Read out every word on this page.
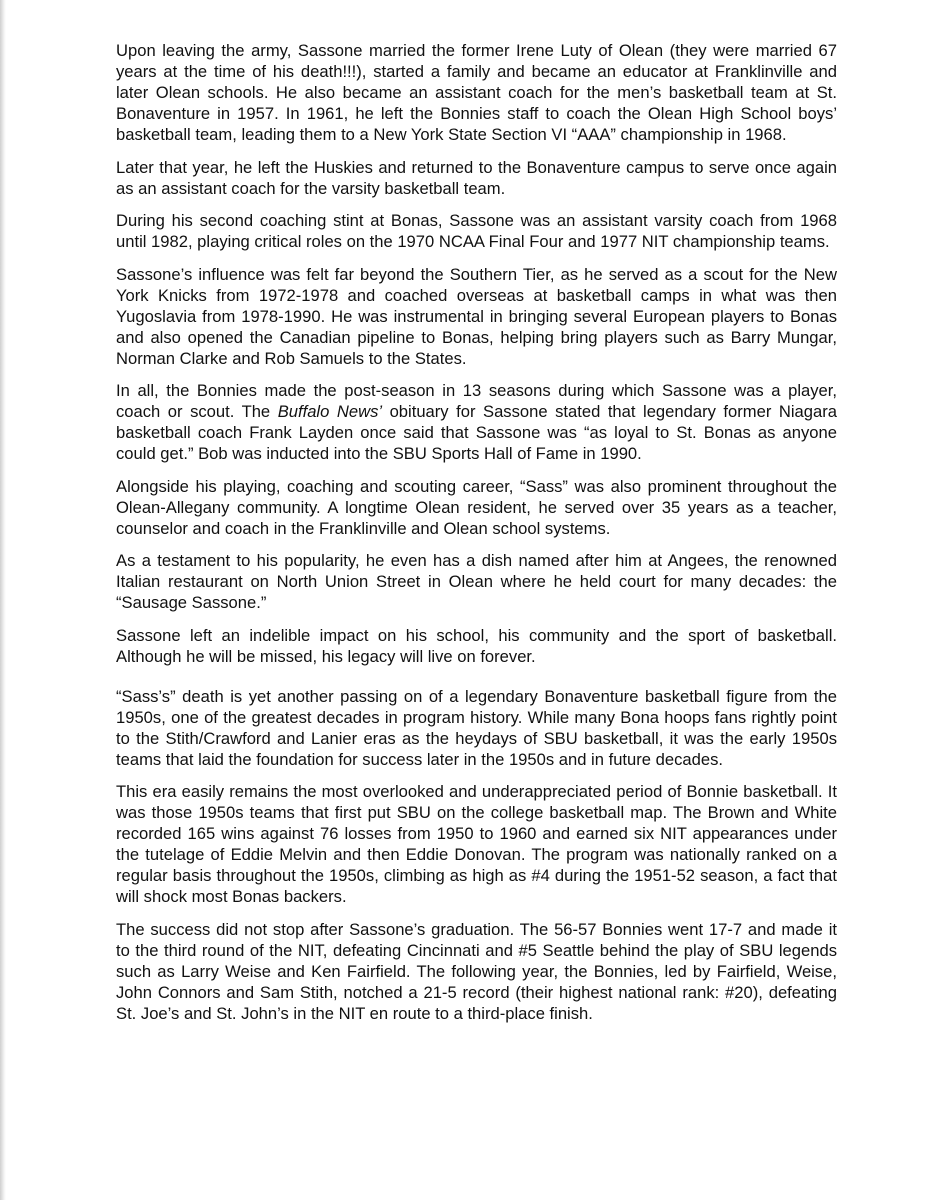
Upon leaving the army, Sassone married the former Irene Luty of Olean (they were married 67 years at the time of his death!!!), started a family and became an educator at Franklinville and later Olean schools. He also became an assistant coach for the men’s basketball team at St. Bonaventure in 1957. In 1961, he left the Bonnies staff to coach the Olean High School boys’ basketball team, leading them to a New York State Section VI “AAA” championship in 1968.

Later that year, he left the Huskies and returned to the Bonaventure campus to serve once again as an assistant coach for the varsity basketball team.

During his second coaching stint at Bonas, Sassone was an assistant varsity coach from 1968 until 1982, playing critical roles on the 1970 NCAA Final Four and 1977 NIT championship teams.

Sassone’s influence was felt far beyond the Southern Tier, as he served as a scout for the New York Knicks from 1972-1978 and coached overseas at basketball camps in what was then Yugoslavia from 1978-1990. He was instrumental in bringing several European players to Bonas and also opened the Canadian pipeline to Bonas, helping bring players such as Barry Mungar, Norman Clarke and Rob Samuels to the States.

In all, the Bonnies made the post-season in 13 seasons during which Sassone was a player, coach or scout. The Buffalo News’ obituary for Sassone stated that legendary former Niagara basketball coach Frank Layden once said that Sassone was “as loyal to St. Bonas as anyone could get.” Bob was inducted into the SBU Sports Hall of Fame in 1990.

Alongside his playing, coaching and scouting career, “Sass” was also prominent throughout the Olean-Allegany community. A longtime Olean resident, he served over 35 years as a teacher, counselor and coach in the Franklinville and Olean school systems.

As a testament to his popularity, he even has a dish named after him at Angees, the renowned Italian restaurant on North Union Street in Olean where he held court for many decades: the “Sausage Sassone.”

Sassone left an indelible impact on his school, his community and the sport of basketball. Although he will be missed, his legacy will live on forever.

“Sass’s” death is yet another passing on of a legendary Bonaventure basketball figure from the 1950s, one of the greatest decades in program history. While many Bona hoops fans rightly point to the Stith/Crawford and Lanier eras as the heydays of SBU basketball, it was the early 1950s teams that laid the foundation for success later in the 1950s and in future decades.

This era easily remains the most overlooked and underappreciated period of Bonnie basketball. It was those 1950s teams that first put SBU on the college basketball map. The Brown and White recorded 165 wins against 76 losses from 1950 to 1960 and earned six NIT appearances under the tutelage of Eddie Melvin and then Eddie Donovan. The program was nationally ranked on a regular basis throughout the 1950s, climbing as high as #4 during the 1951-52 season, a fact that will shock most Bonas backers.

The success did not stop after Sassone’s graduation. The 56-57 Bonnies went 17-7 and made it to the third round of the NIT, defeating Cincinnati and #5 Seattle behind the play of SBU legends such as Larry Weise and Ken Fairfield. The following year, the Bonnies, led by Fairfield, Weise, John Connors and Sam Stith, notched a 21-5 record (their highest national rank: #20), defeating St. Joe’s and St. John’s in the NIT en route to a third-place finish.
